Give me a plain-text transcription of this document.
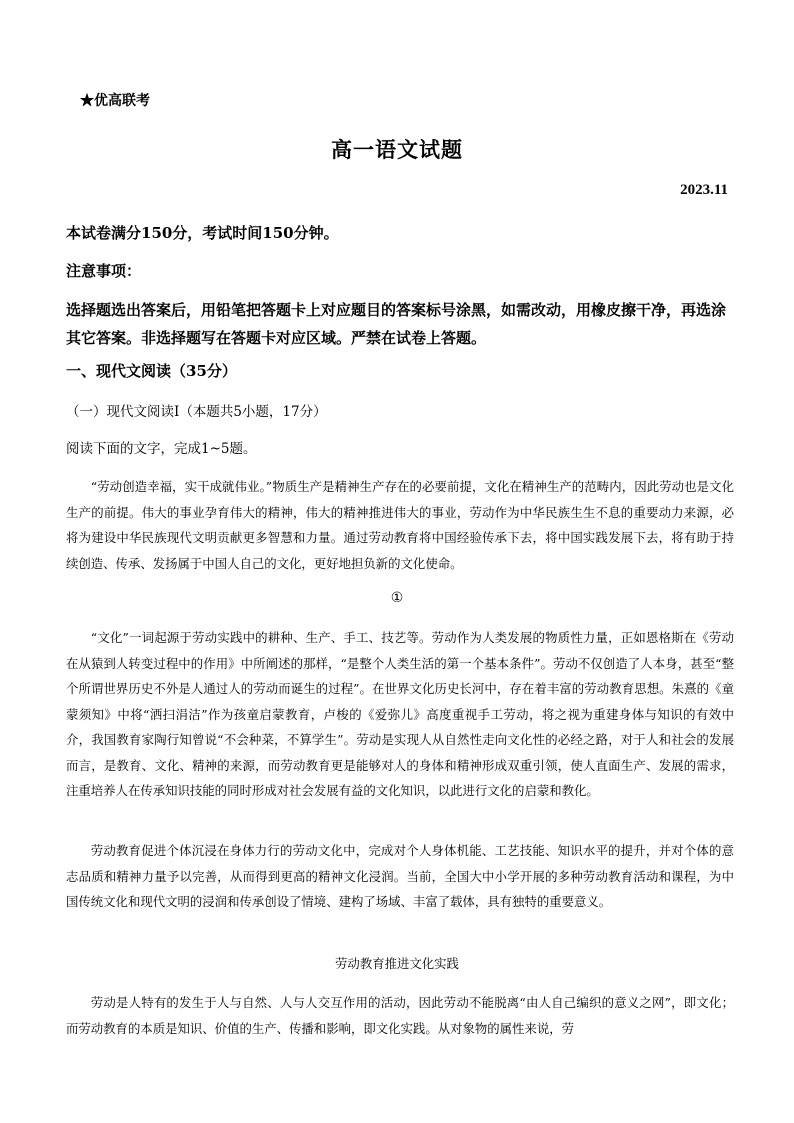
★优高联考
高一语文试题
2023.11
本试卷满分150分，考试时间150分钟。
注意事项：
选择题选出答案后，用铅笔把答题卡上对应题目的答案标号涂黑，如需改动，用橡皮擦干净，再选涂其它答案。非选择题写在答题卡对应区域。严禁在试卷上答题。
一、现代文阅读（35分）
（一）现代文阅读Ⅰ（本题共5小题，17分）
阅读下面的文字，完成1~5题。

“劳动创造幸福，实干成就伟业。”物质生产是精神生产存在的必要前提，文化在精神生产的范畴内，因此劳动也是文化生产的前提。伟大的事业孕育伟大的精神，伟大的精神推进伟大的事业，劳动作为中华民族生生不息的重要动力来源，必将为建设中华民族现代文明贡献更多智慧和力量。通过劳动教育将中国经验传承下去，将中国实践发展下去，将有助于持续创造、传承、发扬属于中国人自己的文化，更好地担负新的文化使命。

①

“文化”一词起源于劳动实践中的耕种、生产、手工、技艺等。劳动作为人类发展的物质性力量，正如恩格斯在《劳动在从猿到人转变过程中的作用》中所阐述的那样，“是整个人类生活的第一个基本条件”。劳动不仅创造了人本身，甚至“整个所谓世界历史不外是人通过人的劳动而诞生的过程”。在世界文化历史长河中，存在着丰富的劳动教育思想。朱熹的《童蒙须知》中将“洒扫涓洁”作为孩童启蒙教育，卢梭的《爱弥儿》高度重视手工劳动，将之视为重建身体与知识的有效中介，我国教育家陶行知曾说“不会种菜，不算学生”。劳动是实现人从自然性走向文化性的必经之路，对于人和社会的发展而言，是教育、文化、精神的来源，而劳动教育更是能够对人的身体和精神形成双重引领，使人直面生产、发展的需求，注重培养人在传承知识技能的同时形成对社会发展有益的文化知识，以此进行文化的启蒙和教化。

劳动教育促进个体沉浸在身体力行的劳动文化中，完成对个人身体机能、工艺技能、知识水平的提升，并对个体的意志品质和精神力量予以完善，从而得到更高的精神文化浸润。当前，全国大中小学开展的多种劳动教育活动和课程，为中国传统文化和现代文明的浸润和传承创设了情境、建构了场域、丰富了载体，具有独特的重要意义。

劳动教育推进文化实践

劳动是人特有的发生于人与自然、人与人交互作用的活动，因此劳动不能脱离“由人自己编织的意义之网”，即文化；而劳动教育的本质是知识、价值的生产、传播和影响，即文化实践。从对象物的属性来说，劳
